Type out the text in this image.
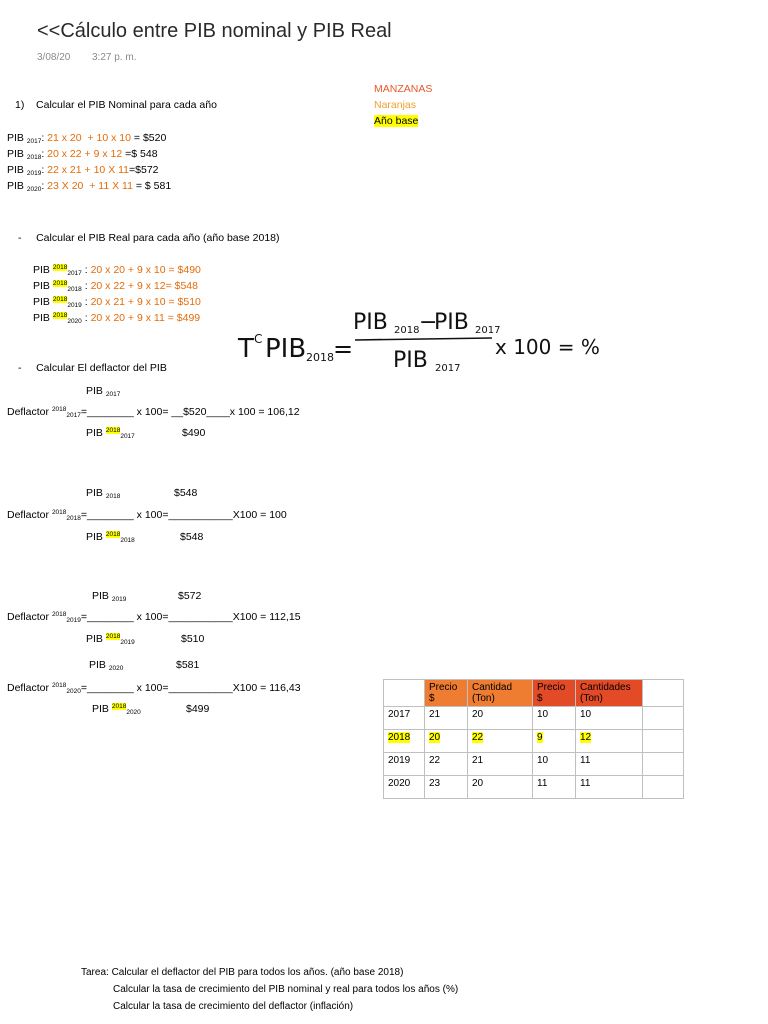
<<Cálculo entre PIB nominal y PIB Real
3/08/20 3:27 p. m.
MANZANAS
Naranjas
Año base
1) Calcular el PIB Nominal para cada año
PIB 2017: 21 x 20 + 10 x 10 = $520
PIB 2018: 20 x 22 + 9 x 12 =$ 548
PIB 2019: 22 x 21 + 10 X 11=$572
PIB 2020: 23 X 20 + 11 X 11 = $ 581
- Calcular el PIB Real para cada año (año base 2018)
PIB $^{2018}$2017 : 20 x 20 + 9 x 10 = $490
PIB $^{2018}$2018 : 20 x 22 + 9 x 12= $548
PIB $^{2018}$2019 : 20 x 21 + 9 x 10 = $510
PIB $^{2018}$2020 : 20 x 20 + 9 x 11 = $499
T C PIB 2018 =
PIB 2018 −
PIB 2017
PIB 2017
x 100 = %
- Calcular El deflactor del PIB
PIB 2017
Deflactor $^{2018}$2017=________ x 100= __$520____x 100 = 106,12
PIB $^{2018}$2017	$490
PIB 2018	$548
Deflactor $^{2018}$2018=________ x 100=___________X100 = 100
PIB $^{2018}$2018	$548
PIB 2019	$572
Deflactor $^{2018}$2019=________ x 100=___________X100 = 112,15
PIB $^{2018}$2019	$510
PIB 2020	$581
Deflactor $^{2018}$2020=________ x 100=___________X100 = 116,43
PIB $^{2018}$2020	$499
	Precio $	Cantidad (Ton)	Precio $	Cantidades (Ton)	
2017	21	20	10	10	
2018	20	22	9	12	
2019	22	21	10	11	
2020	23	20	11	11	
Tarea: Calcular el deflactor del PIB para todos los años. (año base 2018)
Calcular la tasa de crecimiento del PIB nominal y real para todos los años (%)
Calcular la tasa de crecimiento del deflactor (inflación)
